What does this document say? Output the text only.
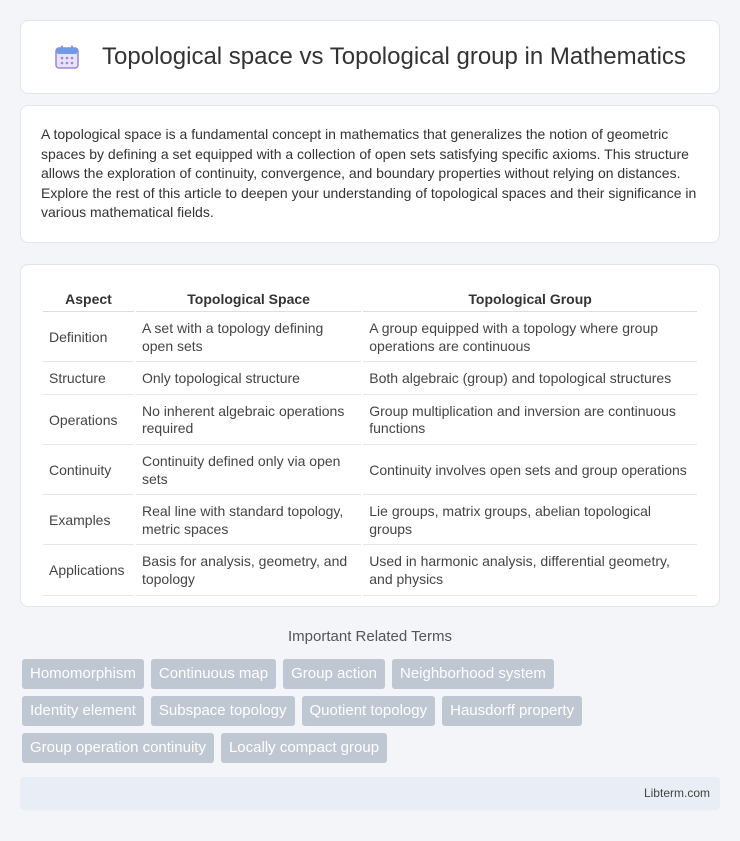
Topological space vs Topological group in Mathematics

A topological space is a fundamental concept in mathematics that generalizes the notion of geometric spaces by defining a set equipped with a collection of open sets satisfying specific axioms. This structure allows the exploration of continuity, convergence, and boundary properties without relying on distances. Explore the rest of this article to deepen your understanding of topological spaces and their significance in various mathematical fields.

Aspect	Topological Space	Topological Group
Definition	A set with a topology defining open sets	A group equipped with a topology where group operations are continuous
Structure	Only topological structure	Both algebraic (group) and topological structures
Operations	No inherent algebraic operations required	Group multiplication and inversion are continuous functions
Continuity	Continuity defined only via open sets	Continuity involves open sets and group operations
Examples	Real line with standard topology, metric spaces	Lie groups, matrix groups, abelian topological groups
Applications	Basis for analysis, geometry, and topology	Used in harmonic analysis, differential geometry, and physics
Important Related Terms
Homomorphism	Continuous map	Group action	Neighborhood system
Identity element	Subspace topology	Quotient topology	Hausdorff property
Group operation continuity	Locally compact group
Libterm.com
